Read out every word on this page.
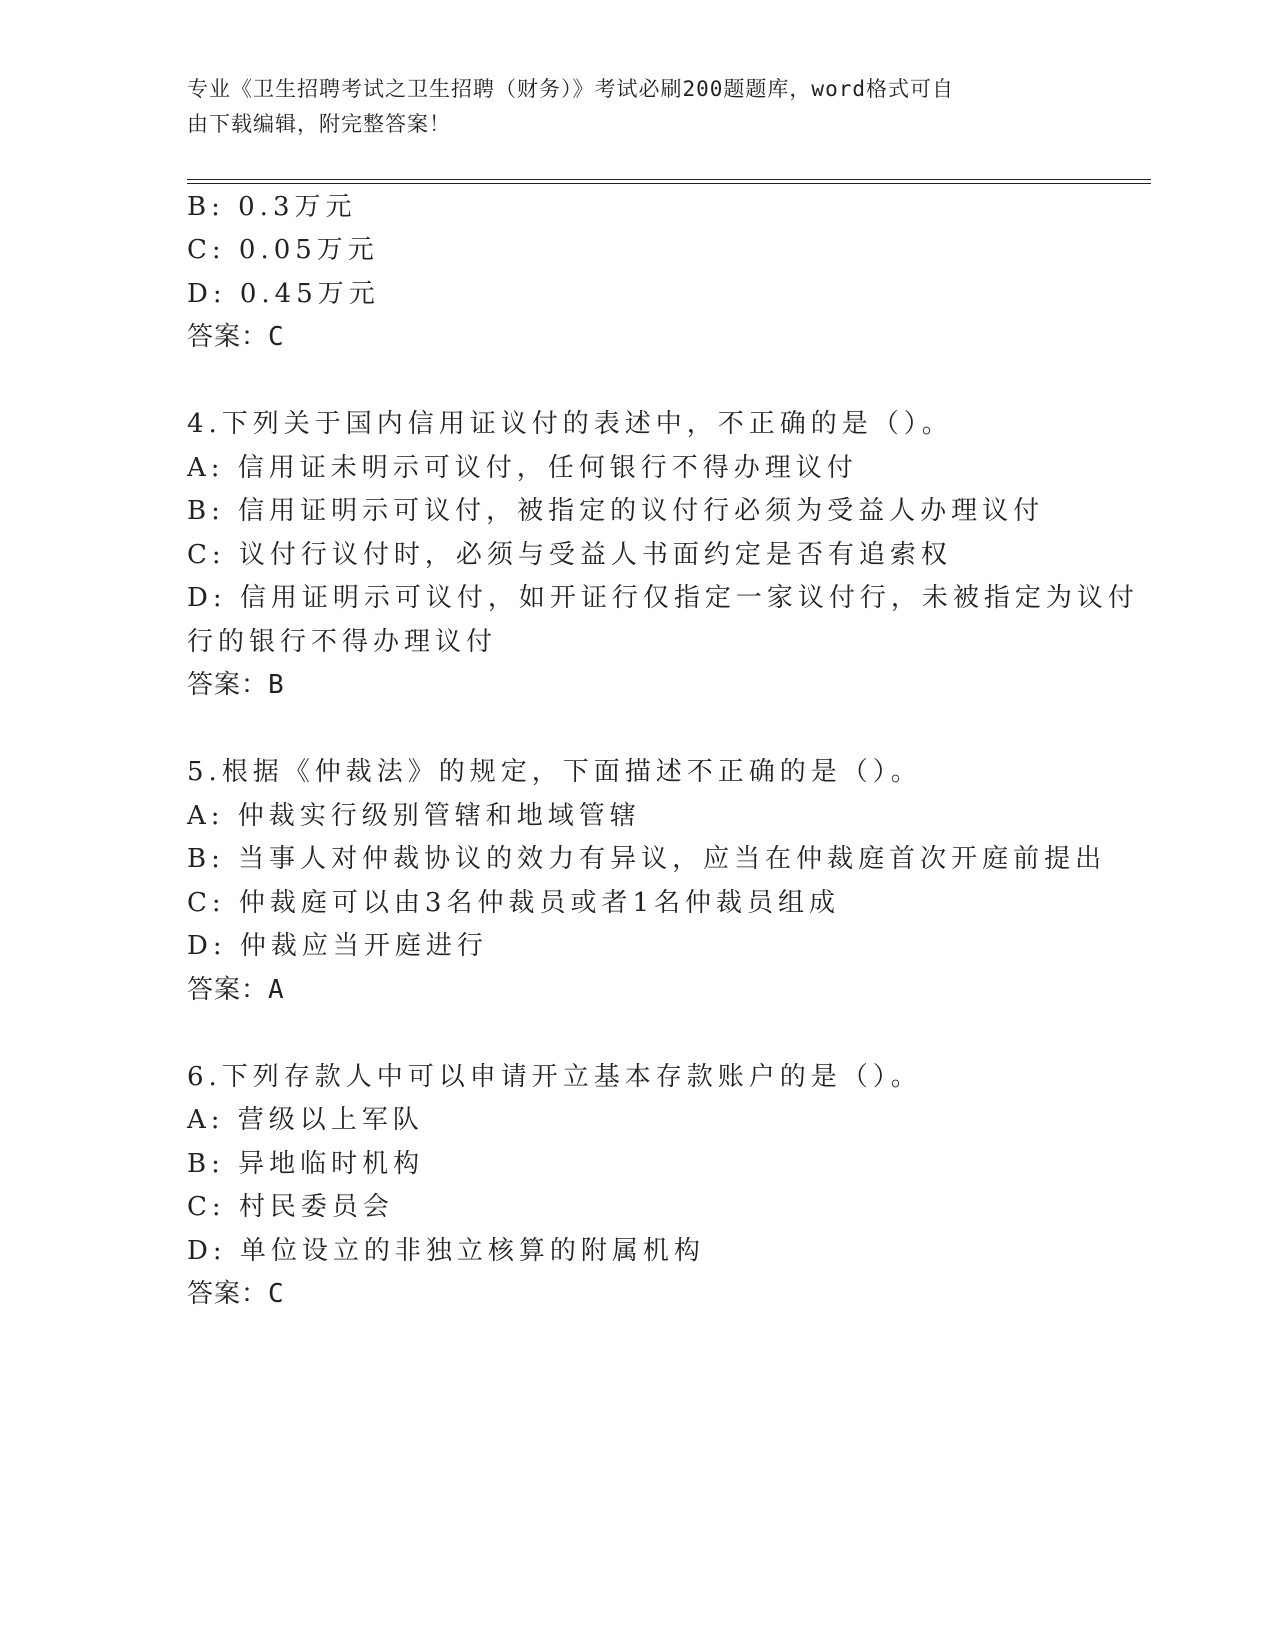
专业《卫生招聘考试之卫生招聘（财务）》考试必刷200题题库，word格式可自
由下载编辑，附完整答案！
B: 0.3万元
C: 0.05万元
D: 0.45万元
答案：C
4.下列关于国内信用证议付的表述中，不正确的是（）。
A: 信用证未明示可议付，任何银行不得办理议付
B: 信用证明示可议付，被指定的议付行必须为受益人办理议付
C: 议付行议付时，必须与受益人书面约定是否有追索权
D: 信用证明示可议付，如开证行仅指定一家议付行，未被指定为议付
行的银行不得办理议付
答案：B
5.根据《仲裁法》的规定，下面描述不正确的是（）。
A: 仲裁实行级别管辖和地域管辖
B: 当事人对仲裁协议的效力有异议，应当在仲裁庭首次开庭前提出
C: 仲裁庭可以由3名仲裁员或者1名仲裁员组成
D: 仲裁应当开庭进行
答案：A
6.下列存款人中可以申请开立基本存款账户的是（）。
A: 营级以上军队
B: 异地临时机构
C: 村民委员会
D: 单位设立的非独立核算的附属机构
答案：C
